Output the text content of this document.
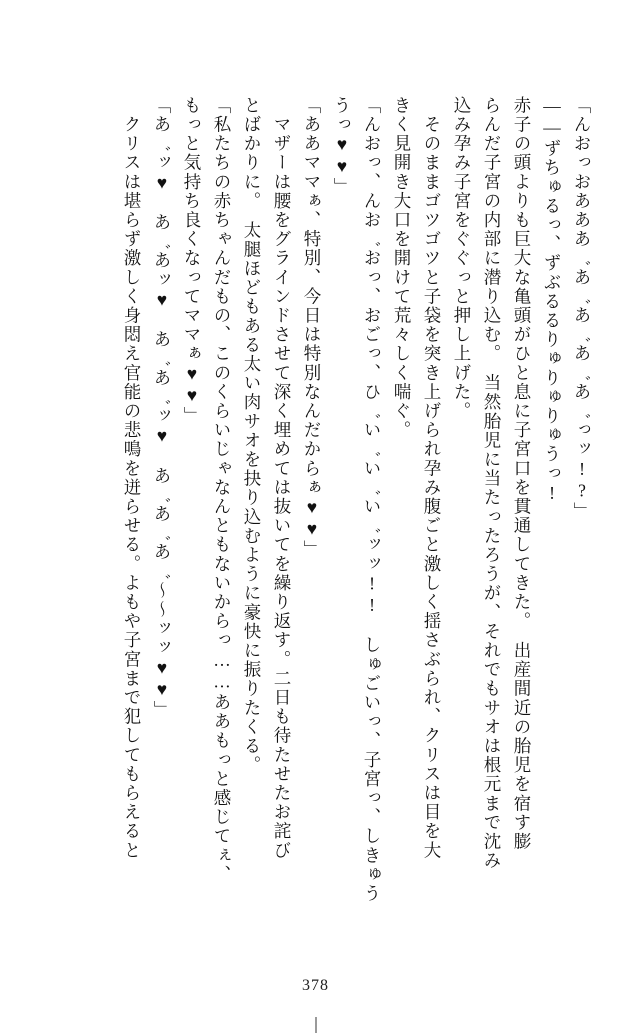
「んおっおあああ゛あ゛あ゛あ゛あ゛っッ!?」
――ずちゅるっ、ずぶるるりゅりゅりゅうっ!
赤子の頭よりも巨大な亀頭がひと息に子宮口を貫通してきた。　出産間近の胎児を宿す膨
らんだ子宮の内部に潜り込む。　当然胎児に当たったろうが、それでもサオは根元まで沈み
込み孕み子宮をぐぐっと押し上げた。
　そのままゴツゴツと子袋を突き上げられ孕み腹ごと激しく揺さぶられ、クリスは目を大
きく見開き大口を開けて荒々しく喘ぐ。
「んおっ、んお゛おっ、おごっ、ひ゛い゛い゛い゛ッッ!!　しゅごいっ、子宮っ、しきゅう
うっ♥♥」
「ああママぁ、特別、今日は特別なんだからぁ♥♥」
　マザーは腰をグラインドさせて深く埋めては抜いてを繰り返す。二日も待たせたお詫び
とばかりに。　太腿ほどもある太い肉サオを抉り込むように豪快に振りたくる。
「私たちの赤ちゃんだもの、このくらいじゃなんともないからっ……ああもっと感じてぇ、
もっと気持ち良くなってママぁ♥♥」
「あ゛ッ♥　あ゛あッ♥　あ゛あ゛ッ♥　あ゛あ゛あ゛～～ッッ♥♥」
　クリスは堪らず激しく身悶え官能の悲鳴を迸らせる。よもや子宮まで犯してもらえると
378
